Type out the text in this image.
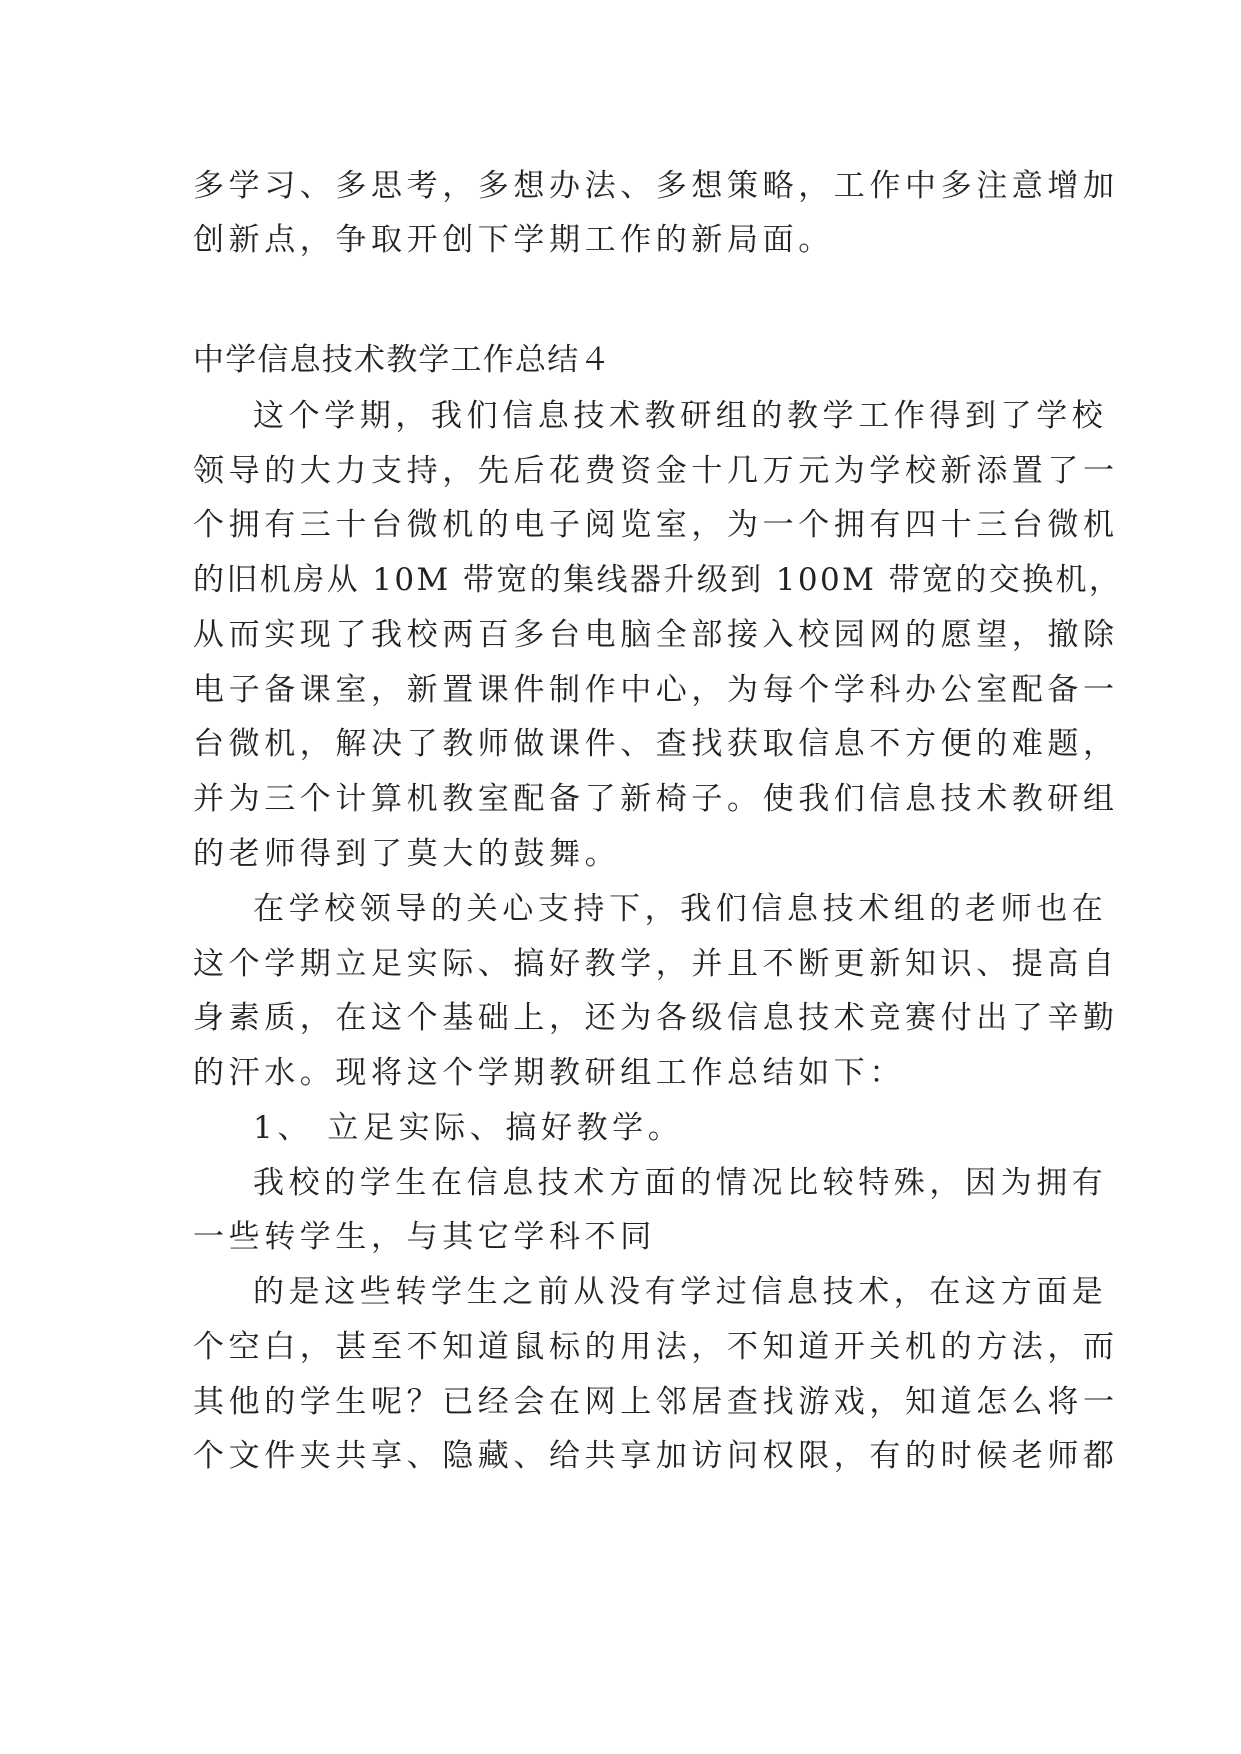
多学习、多思考，多想办法、多想策略，工作中多注意增加
创新点，争取开创下学期工作的新局面。
中学信息技术教学工作总结４
这个学期，我们信息技术教研组的教学工作得到了学校
领导的大力支持，先后花费资金十几万元为学校新添置了一
个拥有三十台微机的电子阅览室，为一个拥有四十三台微机
的旧机房从 10M 带宽的集线器升级到 100M 带宽的交换机，
从而实现了我校两百多台电脑全部接入校园网的愿望，撤除
电子备课室，新置课件制作中心，为每个学科办公室配备一
台微机，解决了教师做课件、查找获取信息不方便的难题，
并为三个计算机教室配备了新椅子。使我们信息技术教研组
的老师得到了莫大的鼓舞。
在学校领导的关心支持下，我们信息技术组的老师也在
这个学期立足实际、搞好教学，并且不断更新知识、提高自
身素质，在这个基础上，还为各级信息技术竞赛付出了辛勤
的汗水。现将这个学期教研组工作总结如下：
1、 立足实际、搞好教学。
我校的学生在信息技术方面的情况比较特殊，因为拥有
一些转学生，与其它学科不同
的是这些转学生之前从没有学过信息技术，在这方面是
个空白，甚至不知道鼠标的用法，不知道开关机的方法，而
其他的学生呢？已经会在网上邻居查找游戏，知道怎么将一
个文件夹共享、隐藏、给共享加访问权限，有的时候老师都
